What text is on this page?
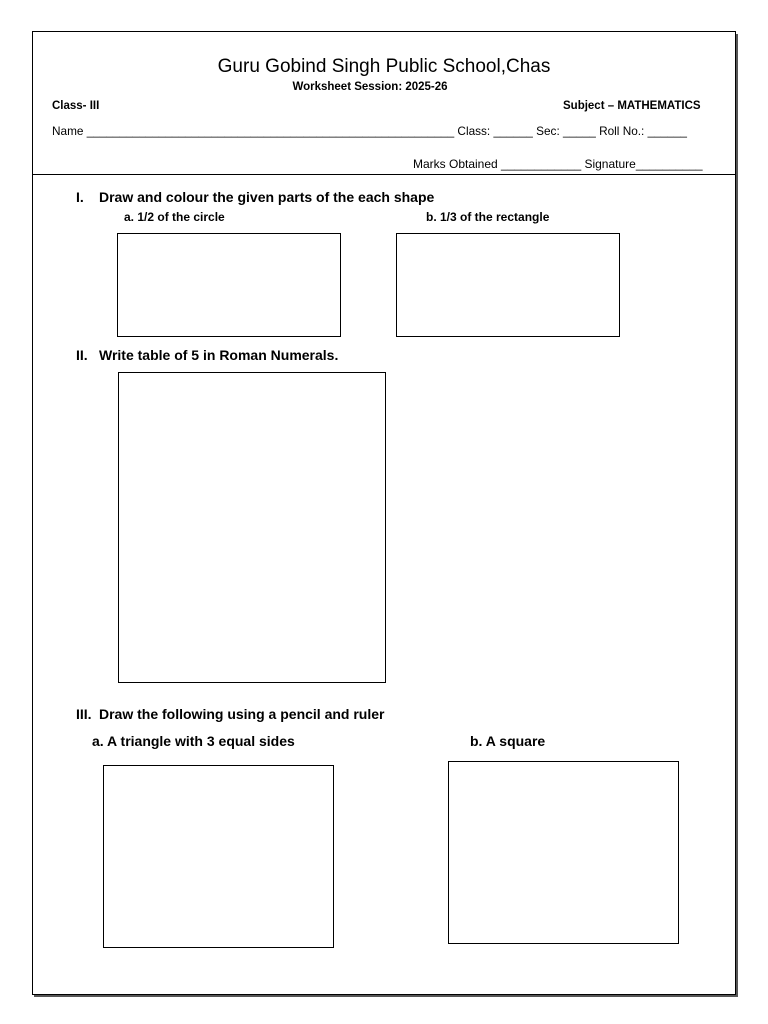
Guru Gobind Singh Public School,Chas
Worksheet Session: 2025-26
Class- III	Subject – MATHEMATICS
Name ________________________________________________________ Class: ______ Sec: _____ Roll No.: ______
Marks Obtained ____________ Signature__________
I. Draw and colour the given parts of the each shape
a. 1/2 of the circle	b. 1/3 of the rectangle
II. Write table of 5 in Roman Numerals.
III. Draw the following using a pencil and ruler
a. A triangle with 3 equal sides	b. A square
